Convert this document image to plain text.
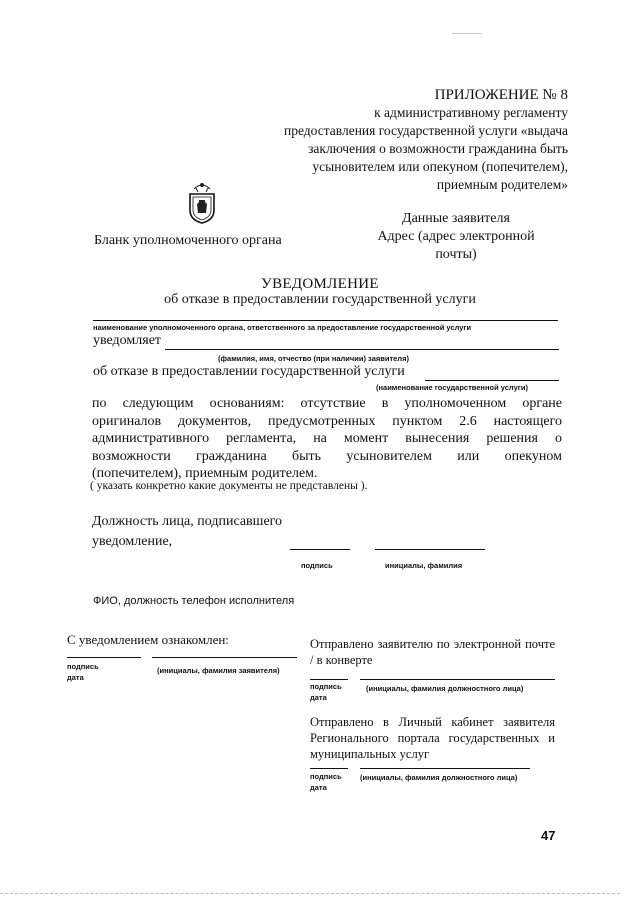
ПРИЛОЖЕНИЕ № 8
к административному регламенту
предоставления государственной услуги «выдача
заключения о возможности гражданина быть
усыновителем или опекуном (попечителем),
приемным родителем»
Бланк уполномоченного органа
Данные заявителя
Адрес (адрес электронной
почты)
УВЕДОМЛЕНИЕ
об отказе в предоставлении государственной услуги
наименование уполномоченного органа, ответственного за предоставление государственной услуги
уведомляет
(фамилия, имя, отчество (при наличии) заявителя)
об отказе в предоставлении государственной услуги
(наименование государственной услуги)
по следующим основаниям: отсутствие в уполномоченном органе
оригиналов документов, предусмотренных пунктом 2.6 настоящего
административного регламента, на момент вынесения решения о
возможности гражданина быть усыновителем или опекуном
(попечителем), приемным родителем.
( указать конкретно какие документы не представлены ).
Должность лица, подписавшего
уведомление,
подпись	инициалы, фамилия
ФИО, должность телефон исполнителя
С уведомлением ознакомлен:
подпись
дата
(инициалы, фамилия заявителя)
Отправлено заявителю по электронной почте
/ в конверте
подпись
дата
(инициалы, фамилия должностного лица)
Отправлено в Личный кабинет заявителя
Регионального портала государственных и
муниципальных услуг
подпись
дата
(инициалы, фамилия должностного лица)
47
